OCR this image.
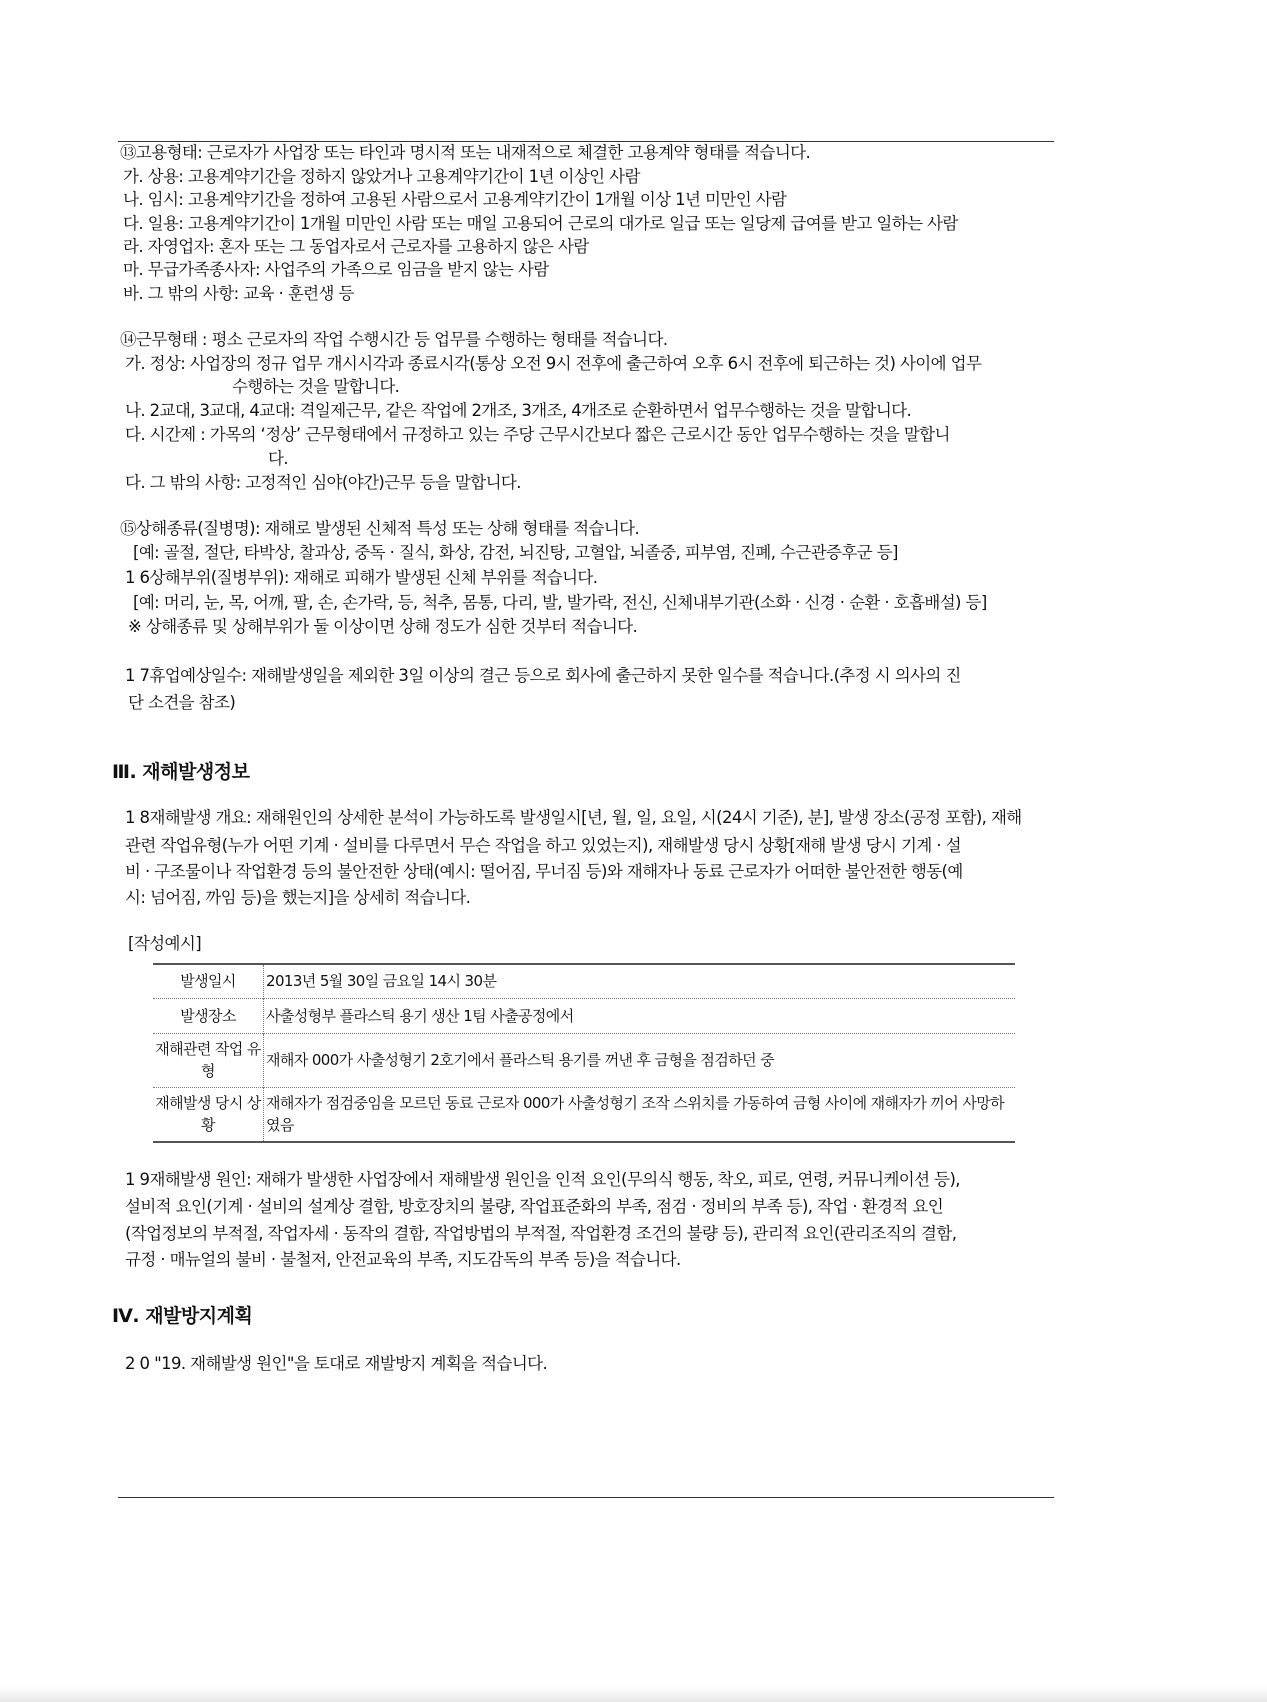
⑬고용형태: 근로자가 사업장 또는 타인과 명시적 또는 내재적으로 체결한 고용계약 형태를 적습니다.
가. 상용: 고용계약기간을 정하지 않았거나 고용계약기간이 1년 이상인 사람
나. 임시: 고용계약기간을 정하여 고용된 사람으로서 고용계약기간이 1개월 이상 1년 미만인 사람
다. 일용: 고용계약기간이 1개월 미만인 사람 또는 매일 고용되어 근로의 대가로 일급 또는 일당제 급여를 받고 일하는 사람
라. 자영업자: 혼자 또는 그 동업자로서 근로자를 고용하지 않은 사람
마. 무급가족종사자: 사업주의 가족으로 임금을 받지 않는 사람
바. 그 밖의 사항: 교육 · 훈련생 등
⑭근무형태 : 평소 근로자의 작업 수행시간 등 업무를 수행하는 형태를 적습니다.
가. 정상: 사업장의 정규 업무 개시시각과 종료시각(통상 오전 9시 전후에 출근하여 오후 6시 전후에 퇴근하는 것) 사이에 업무
수행하는 것을 말합니다.
나. 2교대, 3교대, 4교대: 격일제근무, 같은 작업에 2개조, 3개조, 4개조로 순환하면서 업무수행하는 것을 말합니다.
다. 시간제 : 가목의 ‘정상’ 근무형태에서 규정하고 있는 주당 근무시간보다 짧은 근로시간 동안 업무수행하는 것을 말합니
다.
다. 그 밖의 사항: 고정적인 심야(야간)근무 등을 말합니다.
⑮상해종류(질병명): 재해로 발생된 신체적 특성 또는 상해 형태를 적습니다.
[예: 골절, 절단, 타박상, 찰과상, 중독 · 질식, 화상, 감전, 뇌진탕, 고혈압, 뇌졸중, 피부염, 진폐, 수근관증후군 등]
1 6상해부위(질병부위): 재해로 피해가 발생된 신체 부위를 적습니다.
[예: 머리, 눈, 목, 어깨, 팔, 손, 손가락, 등, 척추, 몸통, 다리, 발, 발가락, 전신, 신체내부기관(소화 · 신경 · 순환 · 호흡배설) 등]
※ 상해종류 및 상해부위가 둘 이상이면 상해 정도가 심한 것부터 적습니다.
1 7휴업예상일수: 재해발생일을 제외한 3일 이상의 결근 등으로 회사에 출근하지 못한 일수를 적습니다.(추정 시 의사의 진
단 소견을 참조)
Ⅲ. 재해발생정보
1 8재해발생 개요: 재해원인의 상세한 분석이 가능하도록 발생일시[년, 월, 일, 요일, 시(24시 기준), 분], 발생 장소(공정 포함), 재해
관련 작업유형(누가 어떤 기계 · 설비를 다루면서 무슨 작업을 하고 있었는지), 재해발생 당시 상황[재해 발생 당시 기계 · 설
비 · 구조물이나 작업환경 등의 불안전한 상태(예시: 떨어짐, 무너짐 등)와 재해자나 동료 근로자가 어떠한 불안전한 행동(예
시: 넘어짐, 까임 등)을 했는지]을 상세히 적습니다.
[작성예시]
발생일시	2013년 5월 30일 금요일 14시 30분
발생장소	사출성형부 플라스틱 용기 생산 1팀 사출공정에서
재해관련 작업 유형	재해자 000가 사출성형기 2호기에서 플라스틱 용기를 꺼낸 후 금형을 점검하던 중
재해발생 당시 상황	재해자가 점검중임을 모르던 동료 근로자 000가 사출성형기 조작 스위치를 가동하여 금형 사이에 재해자가 끼어 사망하였음
1 9재해발생 원인: 재해가 발생한 사업장에서 재해발생 원인을 인적 요인(무의식 행동, 착오, 피로, 연령, 커뮤니케이션 등),
설비적 요인(기계 · 설비의 설계상 결함, 방호장치의 불량, 작업표준화의 부족, 점검 · 정비의 부족 등), 작업 · 환경적 요인
(작업정보의 부적절, 작업자세 · 동작의 결함, 작업방법의 부적절, 작업환경 조건의 불량 등), 관리적 요인(관리조직의 결함,
규정 · 매뉴얼의 불비 · 불철저, 안전교육의 부족, 지도감독의 부족 등)을 적습니다.
Ⅳ. 재발방지계획
2 0 "19. 재해발생 원인"을 토대로 재발방지 계획을 적습니다.
